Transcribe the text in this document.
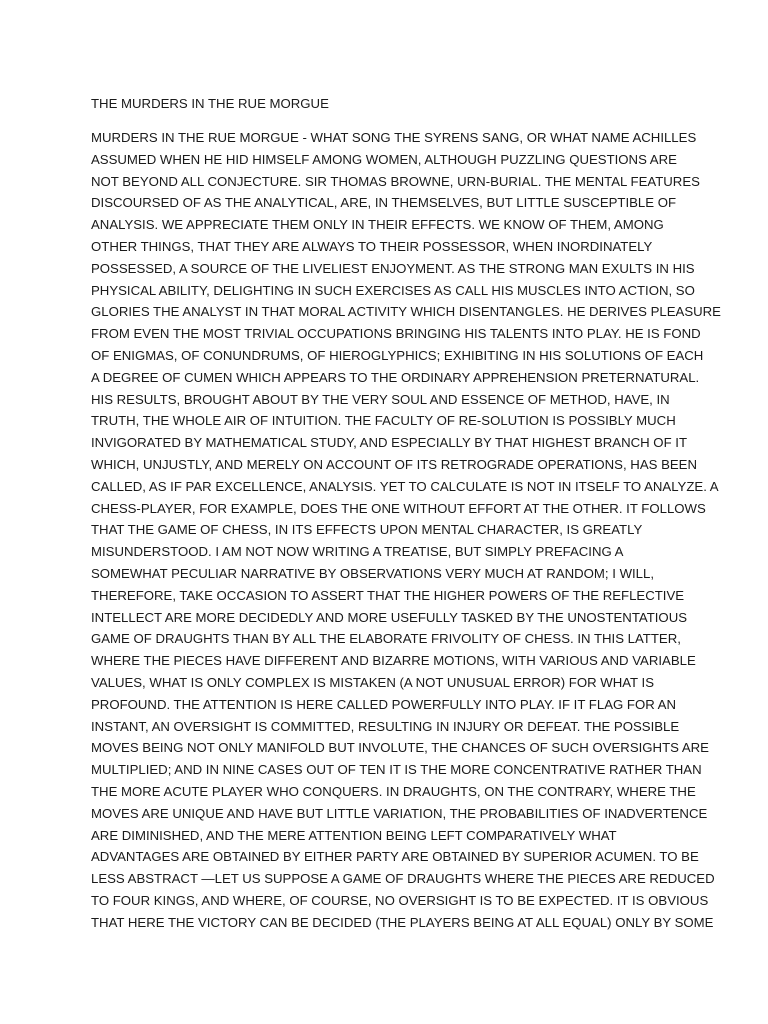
THE MURDERS IN THE RUE MORGUE
MURDERS IN THE RUE MORGUE - WHAT SONG THE SYRENS SANG, OR WHAT NAME ACHILLES
ASSUMED WHEN HE HID HIMSELF AMONG WOMEN, ALTHOUGH PUZZLING QUESTIONS ARE
NOT BEYOND ALL CONJECTURE. SIR THOMAS BROWNE, URN-BURIAL. THE MENTAL FEATURES
DISCOURSED OF AS THE ANALYTICAL, ARE, IN THEMSELVES, BUT LITTLE SUSCEPTIBLE OF
ANALYSIS. WE APPRECIATE THEM ONLY IN THEIR EFFECTS. WE KNOW OF THEM, AMONG
OTHER THINGS, THAT THEY ARE ALWAYS TO THEIR POSSESSOR, WHEN INORDINATELY
POSSESSED, A SOURCE OF THE LIVELIEST ENJOYMENT. AS THE STRONG MAN EXULTS IN HIS
PHYSICAL ABILITY, DELIGHTING IN SUCH EXERCISES AS CALL HIS MUSCLES INTO ACTION, SO
GLORIES THE ANALYST IN THAT MORAL ACTIVITY WHICH DISENTANGLES. HE DERIVES PLEASURE
FROM EVEN THE MOST TRIVIAL OCCUPATIONS BRINGING HIS TALENTS INTO PLAY. HE IS FOND
OF ENIGMAS, OF CONUNDRUMS, OF HIEROGLYPHICS; EXHIBITING IN HIS SOLUTIONS OF EACH
A DEGREE OF CUMEN WHICH APPEARS TO THE ORDINARY APPREHENSION PRETERNATURAL.
HIS RESULTS, BROUGHT ABOUT BY THE VERY SOUL AND ESSENCE OF METHOD, HAVE, IN
TRUTH, THE WHOLE AIR OF INTUITION. THE FACULTY OF RE-SOLUTION IS POSSIBLY MUCH
INVIGORATED BY MATHEMATICAL STUDY, AND ESPECIALLY BY THAT HIGHEST BRANCH OF IT
WHICH, UNJUSTLY, AND MERELY ON ACCOUNT OF ITS RETROGRADE OPERATIONS, HAS BEEN
CALLED, AS IF PAR EXCELLENCE, ANALYSIS. YET TO CALCULATE IS NOT IN ITSELF TO ANALYZE. A
CHESS-PLAYER, FOR EXAMPLE, DOES THE ONE WITHOUT EFFORT AT THE OTHER. IT FOLLOWS
THAT THE GAME OF CHESS, IN ITS EFFECTS UPON MENTAL CHARACTER, IS GREATLY
MISUNDERSTOOD. I AM NOT NOW WRITING A TREATISE, BUT SIMPLY PREFACING A
SOMEWHAT PECULIAR NARRATIVE BY OBSERVATIONS VERY MUCH AT RANDOM; I WILL,
THEREFORE, TAKE OCCASION TO ASSERT THAT THE HIGHER POWERS OF THE REFLECTIVE
INTELLECT ARE MORE DECIDEDLY AND MORE USEFULLY TASKED BY THE UNOSTENTATIOUS
GAME OF DRAUGHTS THAN BY ALL THE ELABORATE FRIVOLITY OF CHESS. IN THIS LATTER,
WHERE THE PIECES HAVE DIFFERENT AND BIZARRE MOTIONS, WITH VARIOUS AND VARIABLE
VALUES, WHAT IS ONLY COMPLEX IS MISTAKEN (A NOT UNUSUAL ERROR) FOR WHAT IS
PROFOUND. THE ATTENTION IS HERE CALLED POWERFULLY INTO PLAY. IF IT FLAG FOR AN
INSTANT, AN OVERSIGHT IS COMMITTED, RESULTING IN INJURY OR DEFEAT. THE POSSIBLE
MOVES BEING NOT ONLY MANIFOLD BUT INVOLUTE, THE CHANCES OF SUCH OVERSIGHTS ARE
MULTIPLIED; AND IN NINE CASES OUT OF TEN IT IS THE MORE CONCENTRATIVE RATHER THAN
THE MORE ACUTE PLAYER WHO CONQUERS. IN DRAUGHTS, ON THE CONTRARY, WHERE THE
MOVES ARE UNIQUE AND HAVE BUT LITTLE VARIATION, THE PROBABILITIES OF INADVERTENCE
ARE DIMINISHED, AND THE MERE ATTENTION BEING LEFT COMPARATIVELY WHAT
ADVANTAGES ARE OBTAINED BY EITHER PARTY ARE OBTAINED BY SUPERIOR ACUMEN. TO BE
LESS ABSTRACT —LET US SUPPOSE A GAME OF DRAUGHTS WHERE THE PIECES ARE REDUCED
TO FOUR KINGS, AND WHERE, OF COURSE, NO OVERSIGHT IS TO BE EXPECTED. IT IS OBVIOUS
THAT HERE THE VICTORY CAN BE DECIDED (THE PLAYERS BEING AT ALL EQUAL) ONLY BY SOME
